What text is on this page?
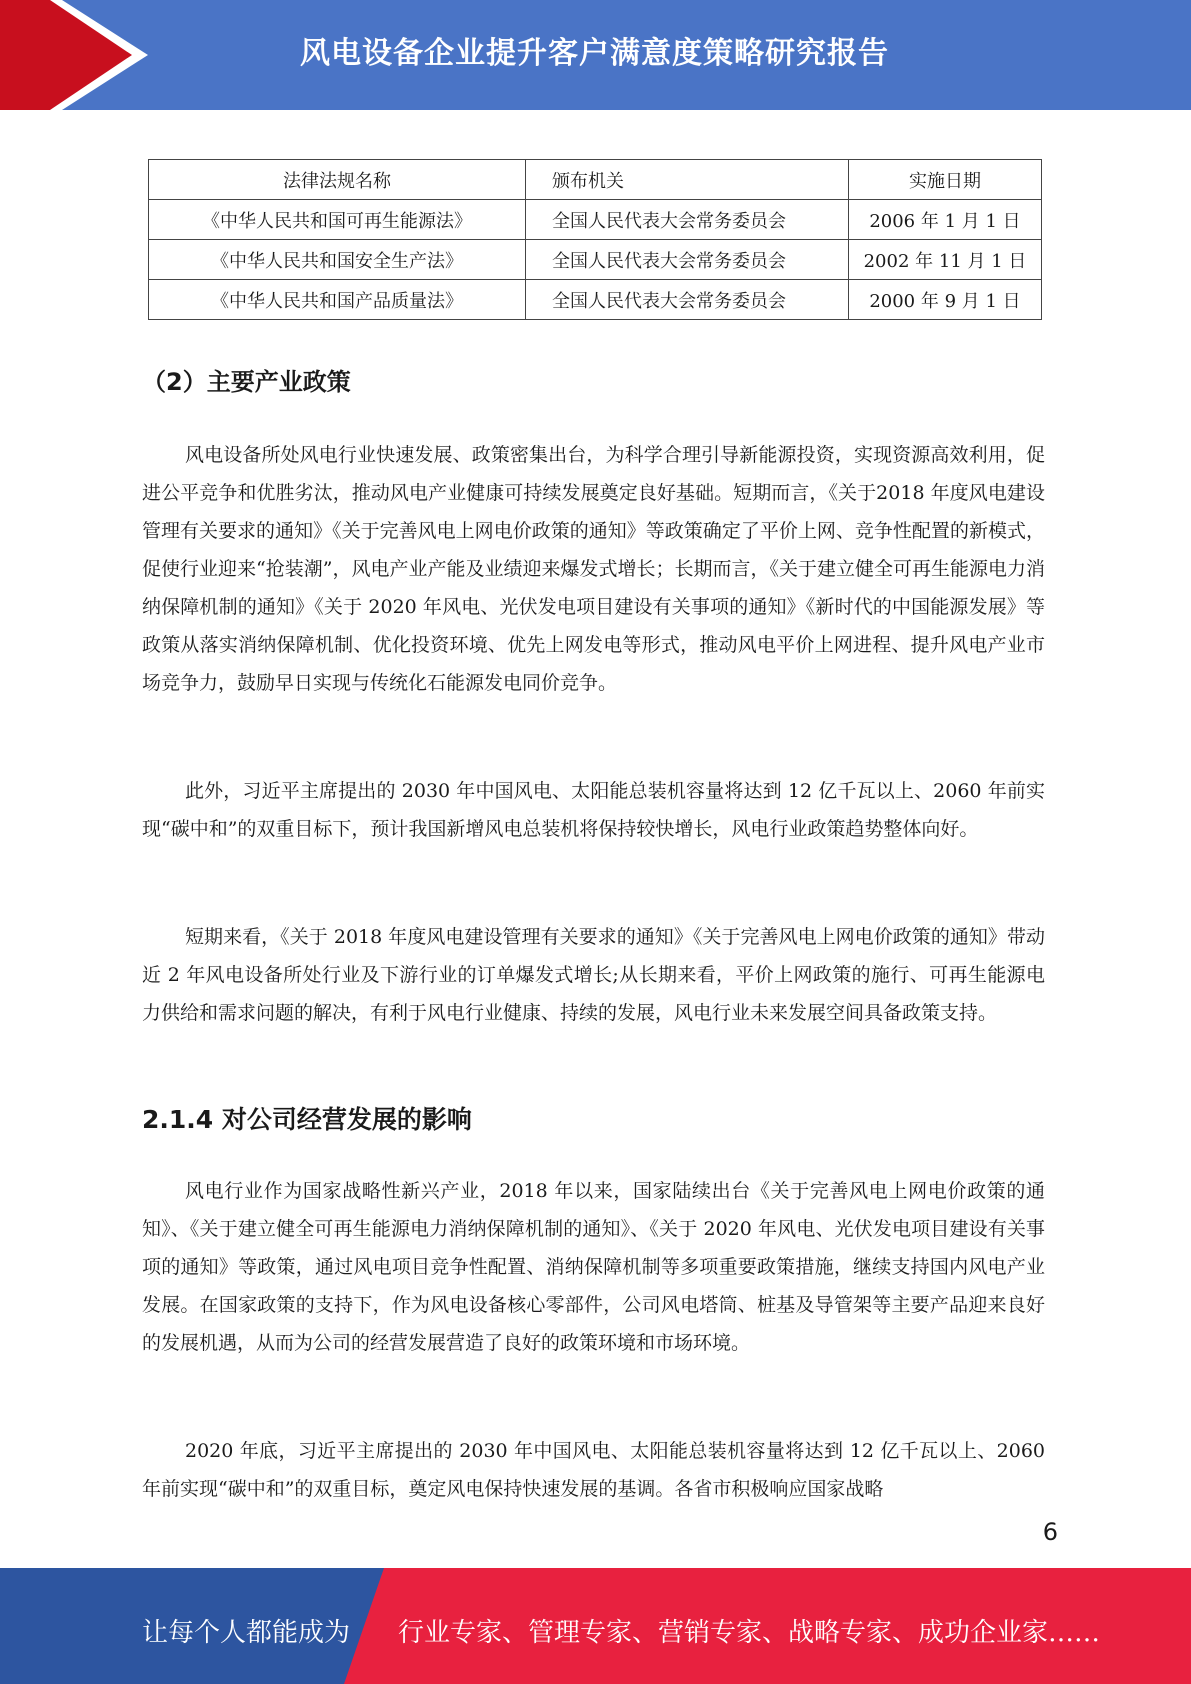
风电设备企业提升客户满意度策略研究报告
法律法规名称	颁布机关	实施日期
《中华人民共和国可再生能源法》	全国人民代表大会常务委员会	2006 年 1 月 1 日
《中华人民共和国安全生产法》	全国人民代表大会常务委员会	2002 年 11 月 1 日
《中华人民共和国产品质量法》	全国人民代表大会常务委员会	2000 年 9 月 1 日
（2）主要产业政策

风电设备所处风电行业快速发展、政策密集出台，为科学合理引导新能源投资，实现资源高效利用，促进公平竞争和优胜劣汰，推动风电产业健康可持续发展奠定良好基础。短期而言，《关于2018 年度风电建设管理有关要求的通知》《关于完善风电上网电价政策的通知》等政策确定了平价上网、竞争性配置的新模式，促使行业迎来“抢装潮”，风电产业产能及业绩迎来爆发式增长；长期而言，《关于建立健全可再生能源电力消纳保障机制的通知》《关于 2020 年风电、光伏发电项目建设有关事项的通知》《新时代的中国能源发展》等政策从落实消纳保障机制、优化投资环境、优先上网发电等形式，推动风电平价上网进程、提升风电产业市场竞争力，鼓励早日实现与传统化石能源发电同价竞争。

此外，习近平主席提出的 2030 年中国风电、太阳能总装机容量将达到 12 亿千瓦以上、2060 年前实现“碳中和”的双重目标下，预计我国新增风电总装机将保持较快增长，风电行业政策趋势整体向好。

短期来看，《关于 2018 年度风电建设管理有关要求的通知》《关于完善风电上网电价政策的通知》带动近 2 年风电设备所处行业及下游行业的订单爆发式增长;从长期来看，平价上网政策的施行、可再生能源电力供给和需求问题的解决，有利于风电行业健康、持续的发展，风电行业未来发展空间具备政策支持。

2.1.4 对公司经营发展的影响

风电行业作为国家战略性新兴产业，2018 年以来，国家陆续出台《关于完善风电上网电价政策的通知》、《关于建立健全可再生能源电力消纳保障机制的通知》、《关于 2020 年风电、光伏发电项目建设有关事项的通知》等政策，通过风电项目竞争性配置、消纳保障机制等多项重要政策措施，继续支持国内风电产业发展。在国家政策的支持下，作为风电设备核心零部件，公司风电塔筒、桩基及导管架等主要产品迎来良好的发展机遇，从而为公司的经营发展营造了良好的政策环境和市场环境。

2020 年底，习近平主席提出的 2030 年中国风电、太阳能总装机容量将达到 12 亿千瓦以上、2060 年前实现“碳中和”的双重目标，奠定风电保持快速发展的基调。各省市积极响应国家战略

6
让每个人都能成为 行业专家、管理专家、营销专家、战略专家、成功企业家……
